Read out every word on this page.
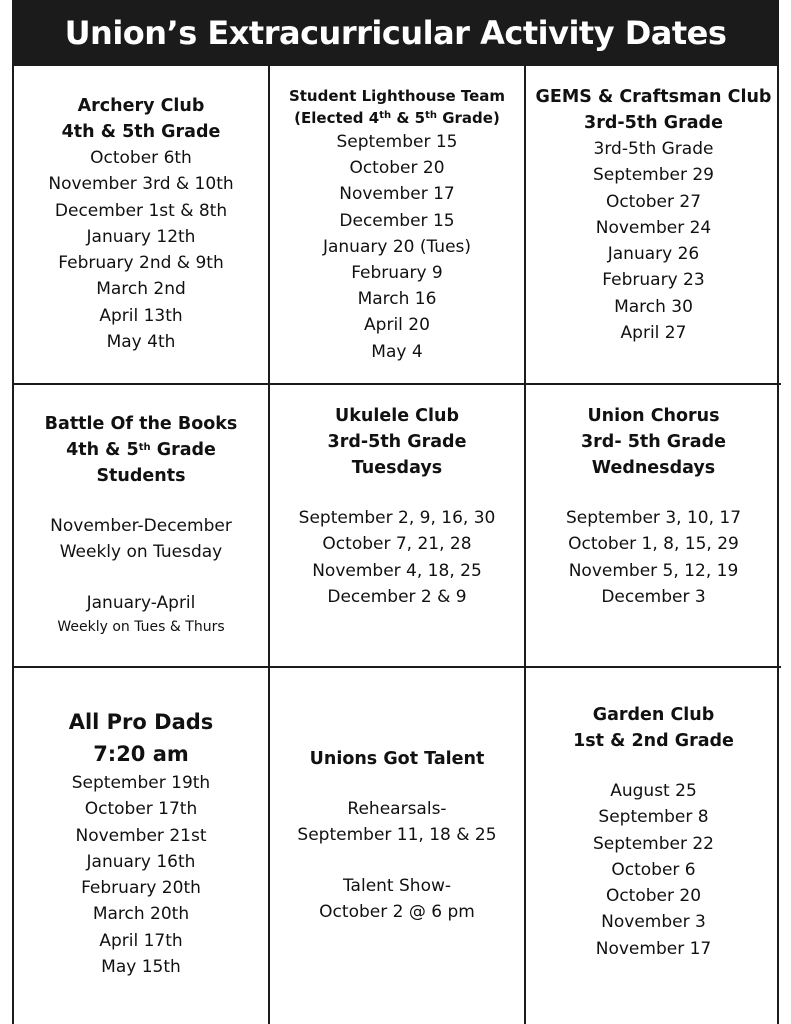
Union’s Extracurricular Activity Dates
Archery Club
4th & 5th Grade
October 6th
November 3rd & 10th
December 1st & 8th
January 12th
February 2nd & 9th
March 2nd
April 13th
May 4th
Student Lighthouse Team
(Elected 4th & 5th Grade)
September 15
October 20
November 17
December 15
January 20 (Tues)
February 9
March 16
April 20
May 4
GEMS & Craftsman Club
3rd-5th Grade
3rd-5th Grade
September 29
October 27
November 24
January 26
February 23
March 30
April 27
Battle Of the Books
4th & 5th Grade
Students
November-December
Weekly on Tuesday
January-April
Weekly on Tues & Thurs
Ukulele Club
3rd-5th Grade
Tuesdays
September 2, 9, 16, 30
October 7, 21, 28
November 4, 18, 25
December 2 & 9
Union Chorus
3rd- 5th Grade
Wednesdays
September 3, 10, 17
October 1, 8, 15, 29
November 5, 12, 19
December 3
All Pro Dads
7:20 am
September 19th
October 17th
November 21st
January 16th
February 20th
March 20th
April 17th
May 15th
Unions Got Talent
Rehearsals-
September 11, 18 & 25
Talent Show-
October 2 @ 6 pm
Garden Club
1st & 2nd Grade
August 25
September 8
September 22
October 6
October 20
November 3
November 17
